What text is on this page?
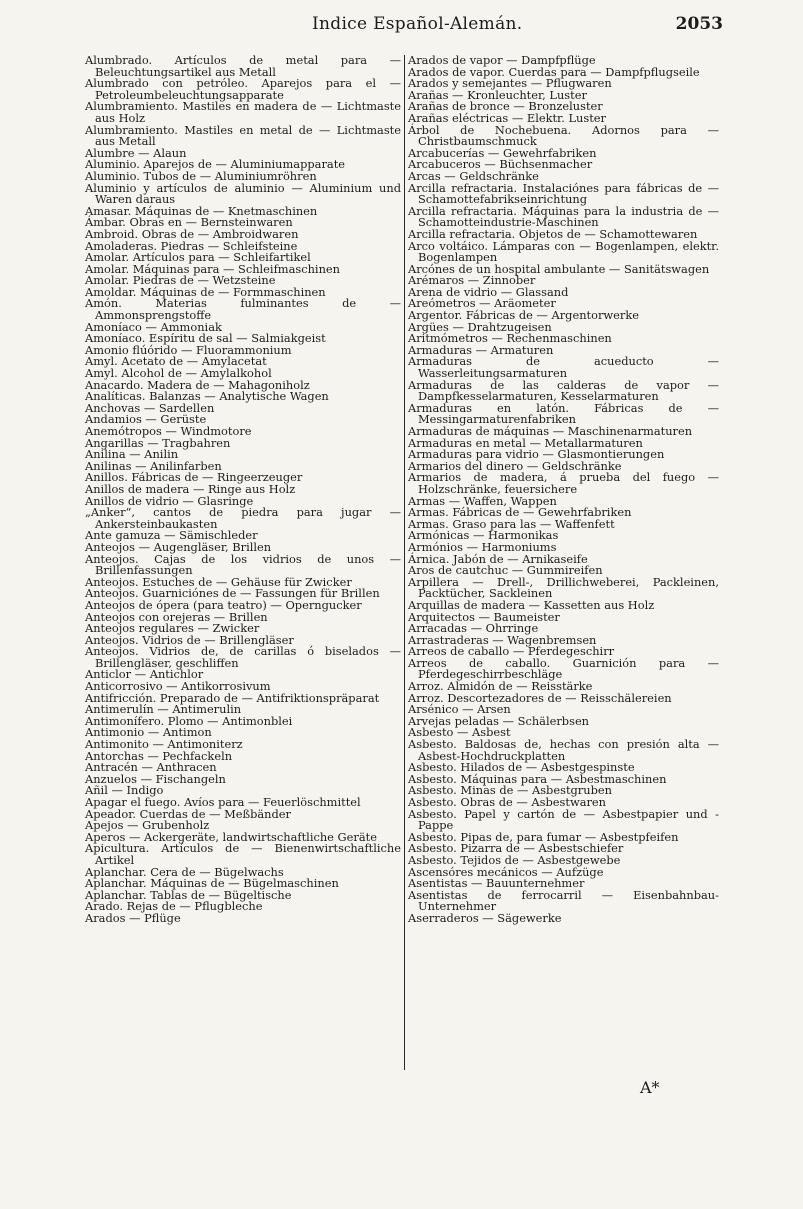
Indice Español-Alemán.	2053
Alumbrado. Artículos de metal para — Beleuchtungsartikel aus Metall
Alumbrado con petróleo. Aparejos para el — Petroleumbeleuchtungsapparate
Alumbramiento. Mastiles en madera de — Lichtmaste aus Holz
Alumbramiento. Mastiles en metal de — Lichtmaste aus Metall
Alumbre — Alaun
Aluminio. Aparejos de — Aluminiumapparate
Aluminio. Tubos de — Aluminiumröhren
Aluminio y artículos de aluminio — Aluminium und Waren daraus
Amasar. Máquinas de — Knetmaschinen
Ámbar. Obras en — Bernsteinwaren
Ambroid. Obras de — Ambroidwaren
Amoladeras. Piedras — Schleifsteine
Amolar. Artículos para — Schleifartikel
Amolar. Máquinas para — Schleifmaschinen
Amolar. Piedras de — Wetzsteine
Amoldar. Máquinas de — Formmaschinen
Amón. Materias fulminantes de — Ammonsprengstoffe
Amoníaco — Ammoniak
Amoníaco. Espíritu de sal — Salmiakgeist
Amonio flúórido — Fluorammonium
Amyl. Acetato de — Amylacetat
Amyl. Alcohol de — Amylalkohol
Anacardo. Madera de — Mahagoniholz
Analíticas. Balanzas — Analytische Wagen
Anchovas — Sardellen
Andamios — Gerüste
Anemótropos — Windmotore
Angarillas — Tragbahren
Anilina — Anilin
Anilinas — Anilinfarben
Anillos. Fábricas de — Ringeerzeuger
Anillos de madera — Ringe aus Holz
Anillos de vidrio — Glasringe
„Anker“, cantos de piedra para jugar — Ankersteinbaukasten
Ante gamuza — Sämischleder
Anteojos — Augengläser, Brillen
Anteojos. Cajas de los vidrios de unos — Brillenfassungen
Anteojos. Estuches de — Gehäuse für Zwicker
Anteojos. Guarniciónes de — Fassungen für Brillen
Anteojos de ópera (para teatro) — Operngucker
Anteojos con orejeras — Brillen
Anteojos regulares — Zwicker
Anteojos. Vidrios de — Brillengläser
Anteojos. Vidrios de, de carillas ó biselados — Brillengläser, geschliffen
Anticlor — Antichlor
Anticorrosivo — Antikorrosivum
Antifricción. Preparado de — Antifriktionspräparat
Antimerulín — Antimerulin
Antimonífero. Plomo — Antimonblei
Antimonio — Antimon
Antimonito — Antimoniterz
Antorchas — Pechfackeln
Antracén — Anthracen
Anzuelos — Fischangeln
Añil — Indigo
Apagar el fuego. Avíos para — Feuerlöschmittel
Apeador. Cuerdas de — Meßbänder
Apejos — Grubenholz
Aperos — Ackergeräte, landwirtschaftliche Geräte
Apicultura. Artículos de — Bienenwirtschaftliche Artikel
Aplanchar. Cera de — Bügelwachs
Aplanchar. Máquinas de — Bügelmaschinen
Aplanchar. Tablas de — Bügeltische
Arado. Rejas de — Pflugbleche
Arados — Pflüge
Arados de vapor — Dampfpflüge
Arados de vapor. Cuerdas para — Dampfpflugseile
Arados y semejantes — Pflugwaren
Arañas — Kronleuchter, Luster
Arañas de bronce — Bronzeluster
Arañas eléctricas — Elektr. Luster
Árbol de Nochebuena. Adornos para — Christbaumschmuck
Arcabucerías — Gewehrfabriken
Arcabuceros — Büchsenmacher
Arcas — Geldschränke
Arcilla refractaria. Instalaciónes para fábricas de — Schamottefabrikseinrichtung
Arcilla refractaria. Máquinas para la industria de — Schamotteindustrie-Maschinen
Arcilla refractaria. Objetos de — Schamottewaren
Arco voltáico. Lámparas con — Bogenlampen, elektr. Bogenlampen
Arcónes de un hospital ambulante — Sanitätswagen
Arémaros — Zinnober
Arena de vidrio — Glassand
Areómetros — Aräometer
Argentor. Fábricas de — Argentorwerke
Argües — Drahtzugeisen
Aritmómetros — Rechenmaschinen
Armaduras — Armaturen
Armaduras de acueducto — Wasserleitungsarmaturen
Armaduras de las calderas de vapor — Dampfkesselarmaturen, Kesselarmaturen
Armaduras en latón. Fábricas de — Messingarmaturenfabriken
Armaduras de máquinas — Maschinenarmaturen
Armaduras en metal — Metallarmaturen
Armaduras para vidrio — Glasmontierungen
Armarios del dinero — Geldschränke
Armarios de madera, á prueba del fuego — Holzschränke, feuersichere
Armas — Waffen, Wappen
Armas. Fábricas de — Gewehrfabriken
Armas. Graso para las — Waffenfett
Armónicas — Harmonikas
Armónios — Harmoniums
Árnica. Jabón de — Arnikaseife
Aros de cautchuc — Gummireifen
Arpillera — Drell-, Drillichweberei, Packleinen, Packtücher, Sackleinen
Arquillas de madera — Kassetten aus Holz
Arquitectos — Baumeister
Arracadas — Ohrringe
Arrastraderas — Wagenbremsen
Arreos de caballo — Pferdegeschirr
Arreos de caballo. Guarnición para — Pferdegeschirrbeschläge
Arroz. Almidón de — Reisstärke
Arroz. Descortezadores de — Reisschälereien
Arsénico — Arsen
Arvejas peladas — Schälerbsen
Asbesto — Asbest
Asbesto. Baldosas de, hechas con presión alta — Asbest-Hochdruckplatten
Asbesto. Hilados de — Asbestgespinste
Asbesto. Máquinas para — Asbestmaschinen
Asbesto. Minas de — Asbestgruben
Asbesto. Obras de — Asbestwaren
Asbesto. Papel y cartón de — Asbestpapier und -Pappe
Asbesto. Pipas de, para fumar — Asbestpfeifen
Asbesto. Pizarra de — Asbestschiefer
Asbesto. Tejidos de — Asbestgewebe
Ascensóres mecánicos — Aufzüge
Asentistas — Bauunternehmer
Asentistas de ferrocarril — Eisenbahnbau-Unternehmer
Aserraderos — Sägewerke
A*
